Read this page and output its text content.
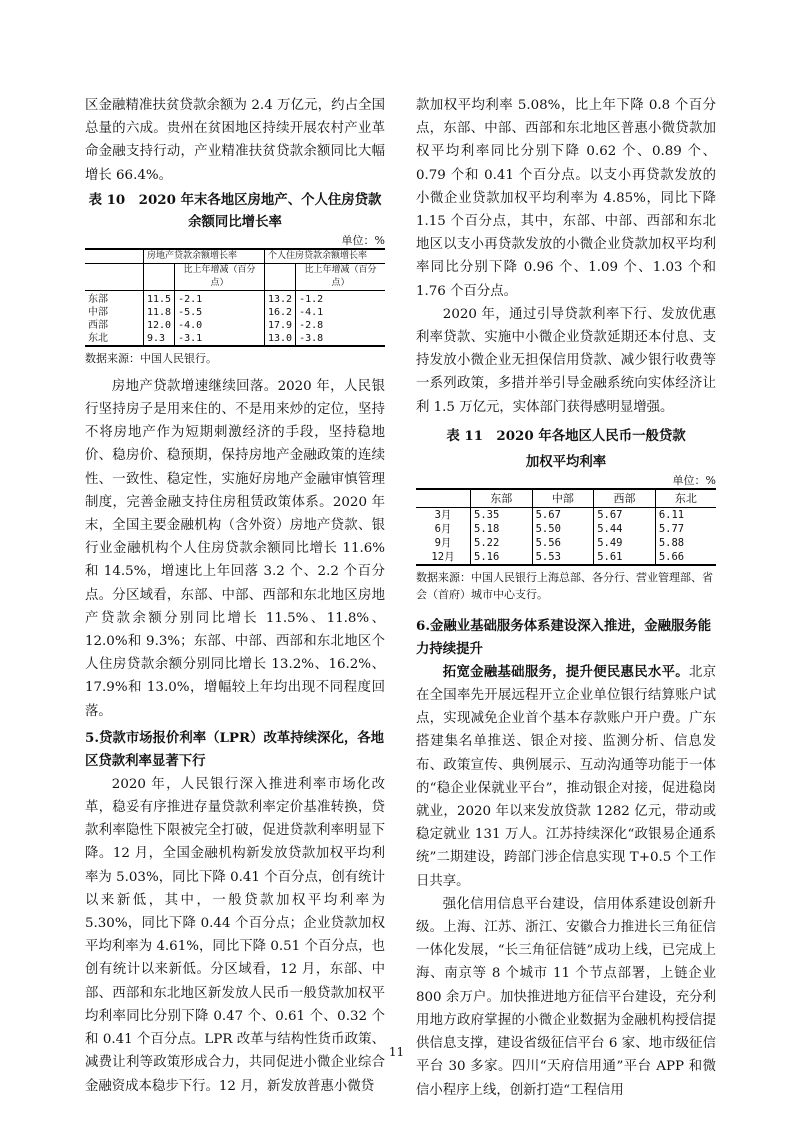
区金融精准扶贫贷款余额为 2.4 万亿元，约占全国总量的六成。贵州在贫困地区持续开展农村产业革命金融支持行动，产业精准扶贫贷款余额同比大幅增长 66.4%。

表 10　2020 年末各地区房地产、个人住房贷款
余额同比增长率
单位：%
	房地产贷款余额增长率		个人住房贷款余额增长率	
		比上年增减（百分点）		比上年增减（百分点）
东部	11.5	-2.1	13.2	-1.2
中部	11.8	-5.5	16.2	-4.1
西部	12.0	-4.0	17.9	-2.8
东北	9.3	-3.1	13.0	-3.8
数据来源：中国人民银行。

房地产贷款增速继续回落。2020 年，人民银行坚持房子是用来住的、不是用来炒的定位，坚持不将房地产作为短期刺激经济的手段，坚持稳地价、稳房价、稳预期，保持房地产金融政策的连续性、一致性、稳定性，实施好房地产金融审慎管理制度，完善金融支持住房租赁政策体系。2020 年末，全国主要金融机构（含外资）房地产贷款、银行业金融机构个人住房贷款余额同比增长 11.6%和 14.5%，增速比上年回落 3.2 个、2.2 个百分点。分区域看，东部、中部、西部和东北地区房地产贷款余额分别同比增长 11.5%、11.8%、12.0%和 9.3%；东部、中部、西部和东北地区个人住房贷款余额分别同比增长 13.2%、16.2%、17.9%和 13.0%，增幅较上年均出现不同程度回落。

5.贷款市场报价利率（LPR）改革持续深化，各地区贷款利率显著下行

2020 年，人民银行深入推进利率市场化改革，稳妥有序推进存量贷款利率定价基准转换，贷款利率隐性下限被完全打破，促进贷款利率明显下降。12 月，全国金融机构新发放贷款加权平均利率为 5.03%，同比下降 0.41 个百分点，创有统计以来新低，其中，一般贷款加权平均利率为 5.30%，同比下降 0.44 个百分点；企业贷款加权平均利率为 4.61%，同比下降 0.51 个百分点，也创有统计以来新低。分区域看，12 月，东部、中部、西部和东北地区新发放人民币一般贷款加权平均利率同比分别下降 0.47 个、0.61 个、0.32 个和 0.41 个百分点。LPR 改革与结构性货币政策、减费让利等政策形成合力，共同促进小微企业综合金融资成本稳步下行。12 月，新发放普惠小微贷

款加权平均利率 5.08%，比上年下降 0.8 个百分点，东部、中部、西部和东北地区普惠小微贷款加权平均利率同比分别下降 0.62 个、0.89 个、0.79 个和 0.41 个百分点。以支小再贷款发放的小微企业贷款加权平均利率为 4.85%，同比下降 1.15 个百分点，其中，东部、中部、西部和东北地区以支小再贷款发放的小微企业贷款加权平均利率同比分别下降 0.96 个、1.09 个、1.03 个和 1.76 个百分点。

2020 年，通过引导贷款利率下行、发放优惠利率贷款、实施中小微企业贷款延期还本付息、支持发放小微企业无担保信用贷款、减少银行收费等一系列政策，多措并举引导金融系统向实体经济让利 1.5 万亿元，实体部门获得感明显增强。

表 11　2020 年各地区人民币一般贷款
加权平均利率
单位：%
	东部	中部	西部	东北
3月	5.35	5.67	5.67	6.11
6月	5.18	5.50	5.44	5.77
9月	5.22	5.56	5.49	5.88
12月	5.16	5.53	5.61	5.66
数据来源：中国人民银行上海总部、各分行、营业管理部、省会（首府）城市中心支行。
6.金融业基础服务体系建设深入推进，金融服务能力持续提升

拓宽金融基础服务，提升便民惠民水平。北京在全国率先开展远程开立企业单位银行结算账户试点，实现减免企业首个基本存款账户开户费。广东搭建集名单推送、银企对接、监测分析、信息发布、政策宣传、典例展示、互动沟通等功能于一体的“稳企业保就业平台”，推动银企对接，促进稳岗就业，2020 年以来发放贷款 1282 亿元，带动或稳定就业 131 万人。江苏持续深化“政银易企通系统”二期建设，跨部门涉企信息实现 T+0.5 个工作日共享。

强化信用信息平台建设，信用体系建设创新升级。上海、江苏、浙江、安徽合力推进长三角征信一体化发展，“长三角征信链”成功上线，已完成上海、南京等 8 个城市 11 个节点部署，上链企业 800 余万户。加快推进地方征信平台建设，充分利用地方政府掌握的小微企业数据为金融机构授信提供信息支撑，建设省级征信平台 6 家、地市级征信平台 30 多家。四川“天府信用通”平台 APP 和微信小程序上线，创新打造“工程信用

11
